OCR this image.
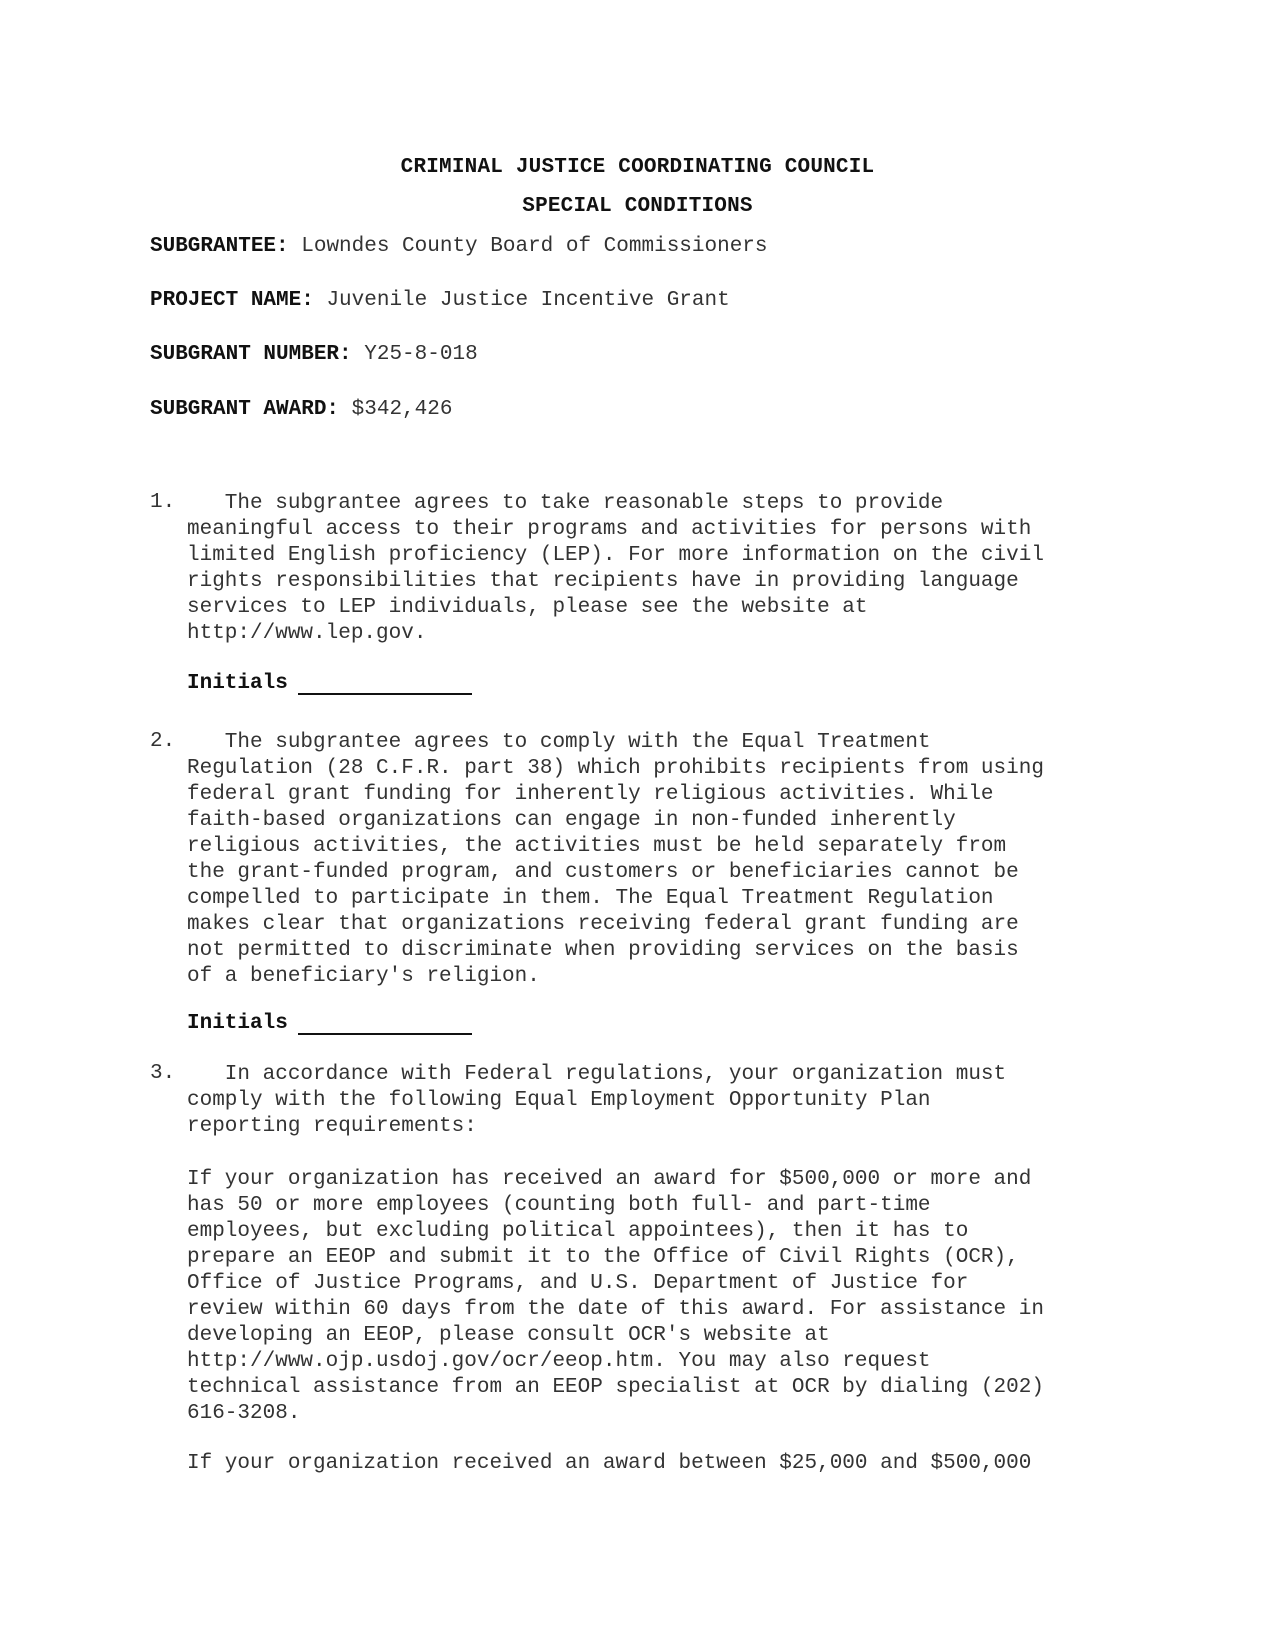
CRIMINAL JUSTICE COORDINATING COUNCIL
SPECIAL CONDITIONS
SUBGRANTEE: Lowndes County Board of Commissioners
PROJECT NAME: Juvenile Justice Incentive Grant
SUBGRANT NUMBER: Y25-8-018
SUBGRANT AWARD: $342,426
1.	The subgrantee agrees to take reasonable steps to provide
meaningful access to their programs and activities for persons with
limited English proficiency (LEP). For more information on the civil
rights responsibilities that recipients have in providing language
services to LEP individuals, please see the website at
http://www.lep.gov.

Initials
2.	The subgrantee agrees to comply with the Equal Treatment
Regulation (28 C.F.R. part 38) which prohibits recipients from using
federal grant funding for inherently religious activities. While
faith-based organizations can engage in non-funded inherently
religious activities, the activities must be held separately from
the grant-funded program, and customers or beneficiaries cannot be
compelled to participate in them. The Equal Treatment Regulation
makes clear that organizations receiving federal grant funding are
not permitted to discriminate when providing services on the basis
of a beneficiary's religion.

Initials
3.	In accordance with Federal regulations, your organization must
comply with the following Equal Employment Opportunity Plan
reporting requirements:

If your organization has received an award for $500,000 or more and
has 50 or more employees (counting both full- and part-time
employees, but excluding political appointees), then it has to
prepare an EEOP and submit it to the Office of Civil Rights (OCR),
Office of Justice Programs, and U.S. Department of Justice for
review within 60 days from the date of this award. For assistance in
developing an EEOP, please consult OCR's website at
http://www.ojp.usdoj.gov/ocr/eeop.htm. You may also request
technical assistance from an EEOP specialist at OCR by dialing (202)
616-3208.
If your organization received an award between $25,000 and $500,000
